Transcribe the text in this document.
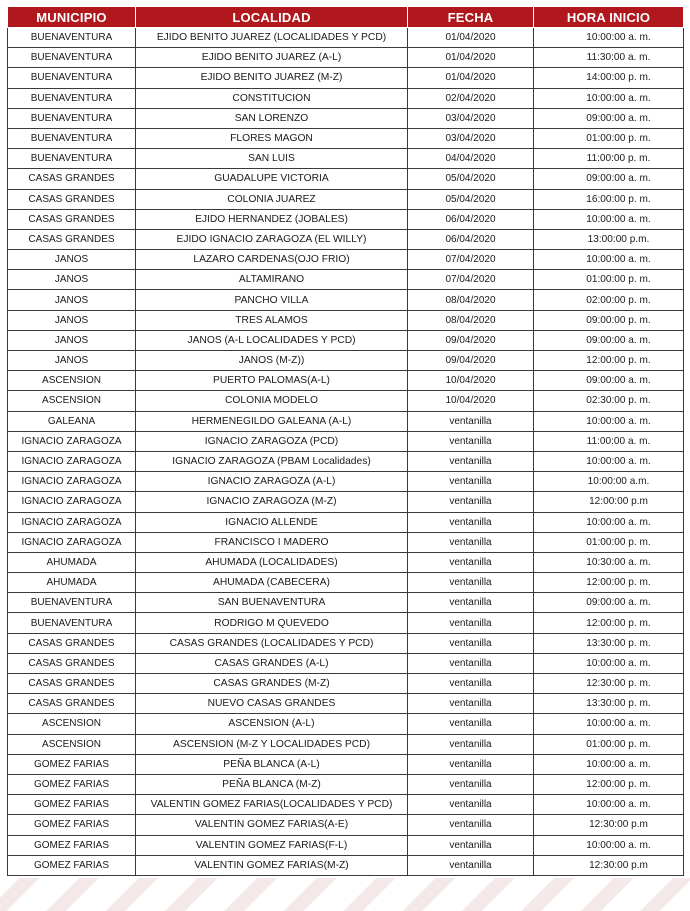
MUNICIPIO	LOCALIDAD	FECHA	HORA INICIO
BUENAVENTURA	EJIDO BENITO JUAREZ (LOCALIDADES Y PCD)	01/04/2020	10:00:00 a. m.
BUENAVENTURA	EJIDO BENITO JUAREZ (A-L)	01/04/2020	11:30:00 a. m.
BUENAVENTURA	EJIDO BENITO JUAREZ (M-Z)	01/04/2020	14:00:00 p. m.
BUENAVENTURA	CONSTITUCION	02/04/2020	10:00:00 a. m.
BUENAVENTURA	SAN LORENZO	03/04/2020	09:00:00 a. m.
BUENAVENTURA	FLORES MAGON	03/04/2020	01:00:00 p. m.
BUENAVENTURA	SAN LUIS	04/04/2020	11:00:00 p. m.
CASAS GRANDES	GUADALUPE VICTORIA	05/04/2020	09:00:00 a. m.
CASAS GRANDES	COLONIA JUAREZ	05/04/2020	16:00:00 p. m.
CASAS GRANDES	EJIDO HERNANDEZ (JOBALES)	06/04/2020	10:00:00 a. m.
CASAS GRANDES	EJIDO IGNACIO ZARAGOZA (EL WILLY)	06/04/2020	13:00:00 p.m.
JANOS	LAZARO CARDENAS(OJO FRIO)	07/04/2020	10:00:00 a. m.
JANOS	ALTAMIRANO	07/04/2020	01:00:00 p. m.
JANOS	PANCHO VILLA	08/04/2020	02:00:00 p. m.
JANOS	TRES ALAMOS	08/04/2020	09:00:00 p. m.
JANOS	JANOS (A-L LOCALIDADES Y PCD)	09/04/2020	09:00:00 a. m.
JANOS	JANOS (M-Z))	09/04/2020	12:00:00 p. m.
ASCENSION	PUERTO PALOMAS(A-L)	10/04/2020	09:00:00 a. m.
ASCENSION	COLONIA MODELO	10/04/2020	02:30:00 p. m.
GALEANA	HERMENEGILDO GALEANA (A-L)	ventanilla	10:00:00 a. m.
IGNACIO ZARAGOZA	IGNACIO ZARAGOZA (PCD)	ventanilla	11:00:00 a. m.
IGNACIO ZARAGOZA	IGNACIO ZARAGOZA (PBAM Localidades)	ventanilla	10:00:00 a. m.
IGNACIO ZARAGOZA	IGNACIO ZARAGOZA (A-L)	ventanilla	10:00:00 a.m.
IGNACIO ZARAGOZA	IGNACIO ZARAGOZA (M-Z)	ventanilla	12:00:00 p.m
IGNACIO ZARAGOZA	IGNACIO ALLENDE	ventanilla	10:00:00 a. m.
IGNACIO ZARAGOZA	FRANCISCO I MADERO	ventanilla	01:00:00 p. m.
AHUMADA	AHUMADA (LOCALIDADES)	ventanilla	10:30:00 a. m.
AHUMADA	AHUMADA (CABECERA)	ventanilla	12:00:00 p. m.
BUENAVENTURA	SAN BUENAVENTURA	ventanilla	09:00:00 a. m.
BUENAVENTURA	RODRIGO M QUEVEDO	ventanilla	12:00:00 p. m.
CASAS GRANDES	CASAS GRANDES (LOCALIDADES Y PCD)	ventanilla	13:30:00 p. m.
CASAS GRANDES	CASAS GRANDES (A-L)	ventanilla	10:00:00 a. m.
CASAS GRANDES	CASAS GRANDES (M-Z)	ventanilla	12:30:00 p. m.
CASAS GRANDES	NUEVO CASAS GRANDES	ventanilla	13:30:00 p. m.
ASCENSION	ASCENSION (A-L)	ventanilla	10:00:00 a. m.
ASCENSION	ASCENSION (M-Z Y LOCALIDADES PCD)	ventanilla	01:00:00 p. m.
GOMEZ FARIAS	PEÑA BLANCA (A-L)	ventanilla	10:00:00 a. m.
GOMEZ FARIAS	PEÑA BLANCA (M-Z)	ventanilla	12:00:00 p. m.
GOMEZ FARIAS	VALENTIN GOMEZ FARIAS(LOCALIDADES Y PCD)	ventanilla	10:00:00 a. m.
GOMEZ FARIAS	VALENTIN GOMEZ FARIAS(A-E)	ventanilla	12:30:00 p.m
GOMEZ FARIAS	VALENTIN GOMEZ FARIAS(F-L)	ventanilla	10:00:00 a. m.
GOMEZ FARIAS	VALENTIN GOMEZ FARIAS(M-Z)	ventanilla	12:30:00 p.m
